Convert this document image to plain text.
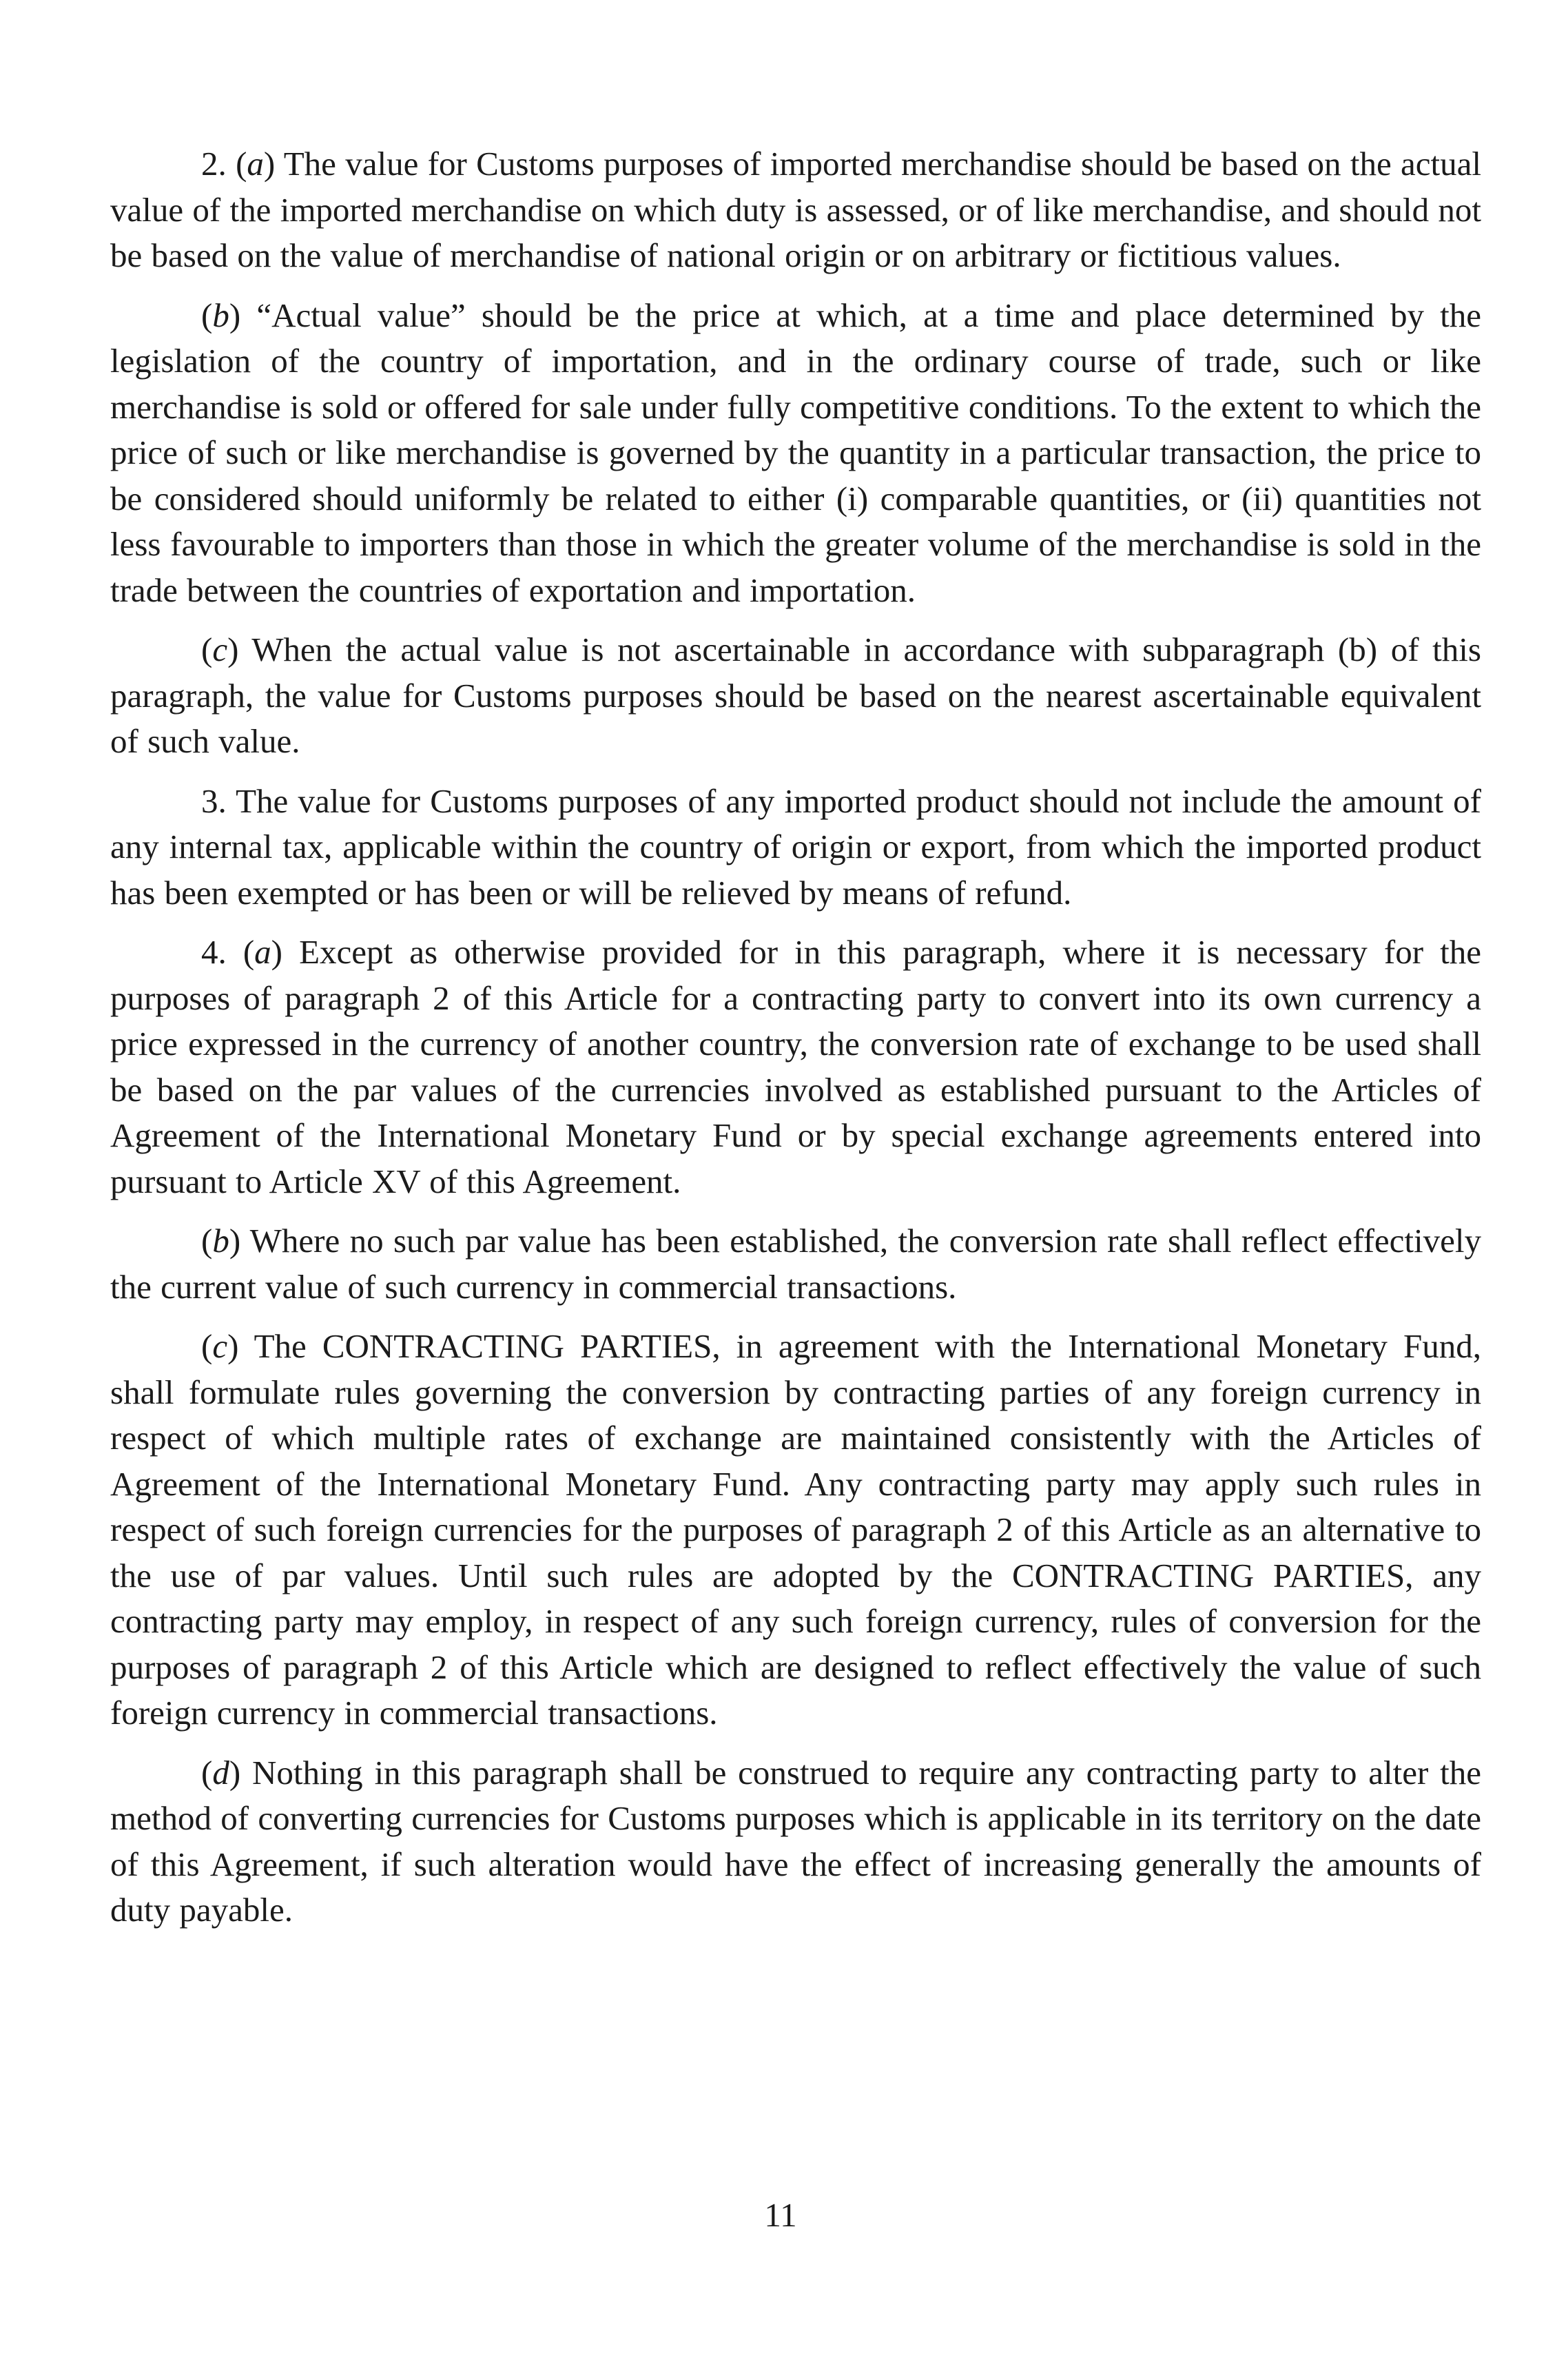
2. (a) The value for Customs purposes of imported merchandise should be based on the actual value of the imported merchandise on which duty is assessed, or of like merchandise, and should not be based on the value of merchandise of national origin or on arbitrary or fictitious values.

(b) “Actual value” should be the price at which, at a time and place determined by the legislation of the country of importation, and in the ordinary course of trade, such or like merchandise is sold or offered for sale under fully competitive conditions. To the extent to which the price of such or like merchandise is governed by the quantity in a particular transaction, the price to be considered should uniformly be related to either (i) comparable quantities, or (ii) quantities not less favourable to importers than those in which the greater volume of the merchandise is sold in the trade between the countries of exportation and importation.

(c) When the actual value is not ascertainable in accordance with subparagraph (b) of this paragraph, the value for Customs purposes should be based on the nearest ascertainable equivalent of such value.

3. The value for Customs purposes of any imported product should not include the amount of any internal tax, applicable within the country of origin or export, from which the imported product has been exempted or has been or will be relieved by means of refund.

4. (a) Except as otherwise provided for in this paragraph, where it is necessary for the purposes of paragraph 2 of this Article for a contracting party to convert into its own currency a price expressed in the currency of another country, the conversion rate of exchange to be used shall be based on the par values of the currencies involved as established pursuant to the Articles of Agreement of the International Monetary Fund or by special exchange agreements entered into pursuant to Article XV of this Agreement.

(b) Where no such par value has been established, the conversion rate shall reflect effectively the current value of such currency in commercial transactions.

(c) The CONTRACTING PARTIES, in agreement with the International Monetary Fund, shall formulate rules governing the conversion by contracting parties of any foreign currency in respect of which multiple rates of exchange are maintained consistently with the Articles of Agreement of the International Monetary Fund. Any contracting party may apply such rules in respect of such foreign currencies for the purposes of paragraph 2 of this Article as an alternative to the use of par values. Until such rules are adopted by the CONTRACTING PARTIES, any contracting party may employ, in respect of any such foreign currency, rules of conversion for the purposes of paragraph 2 of this Article which are designed to reflect effectively the value of such foreign currency in commercial transactions.

(d) Nothing in this paragraph shall be construed to require any contracting party to alter the method of converting currencies for Customs purposes which is applicable in its territory on the date of this Agreement, if such alteration would have the effect of increasing generally the amounts of duty payable.

11
